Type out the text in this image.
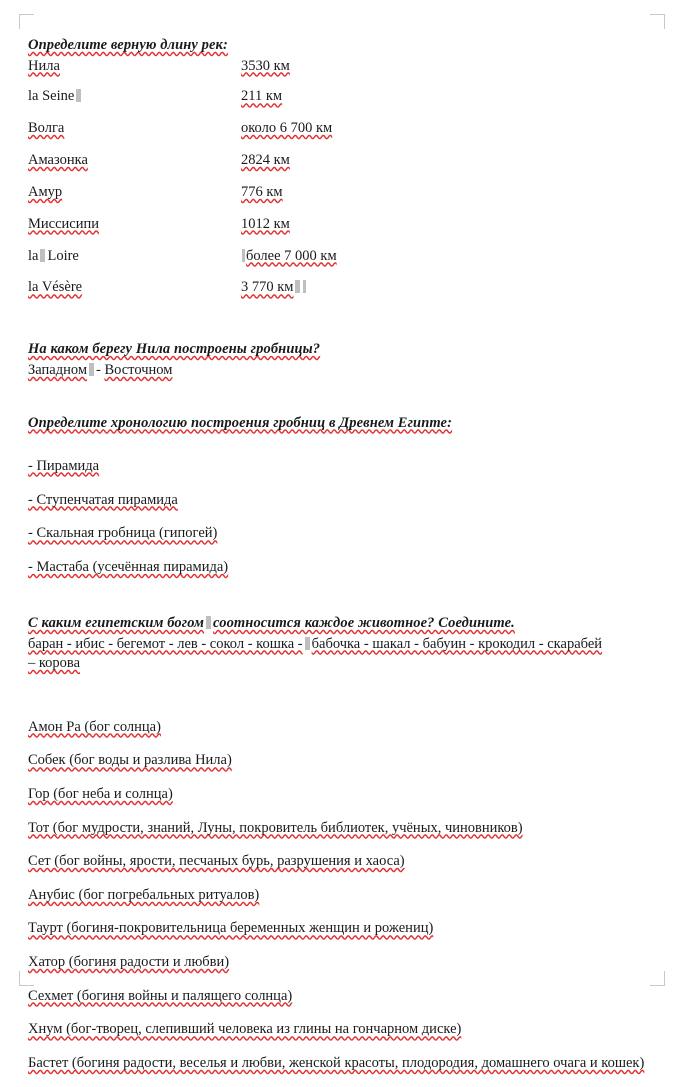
Определите верную длину рек:

Нила	3530 км
la Seine	211 км
Волга	около 6 700 км
Амазонка	2824 км
Амур	776 км
Миссисипи	1012 км
la Loire	более 7 000 км
la Vésère	3 770 км

На каком берегу Нила построены гробницы?

Западном - Восточном

Определите хронологию построения гробниц в Древнем Египте:

- Пирамида

- Ступенчатая пирамида

- Скальная гробница (гипогей)

- Мастаба (усечённая пирамида)

С каким египетским богом соотносится каждое животное? Соедините.

баран - ибис - бегемот - лев - сокол - кошка - бабочка - шакал - бабуин - крокодил - скарабей
– корова

Амон Ра (бог солнца)

Собек (бог воды и разлива Нила)

Гор (бог неба и солнца)

Тот (бог мудрости, знаний, Луны, покровитель библиотек, учёных, чиновников)

Сет (бог войны, ярости, песчаных бурь, разрушения и хаоса)

Анубис (бог погребальных ритуалов)

Таурт (богиня-покровительница беременных женщин и рожениц)

Хатор (богиня радости и любви)

Сехмет (богиня войны и палящего солнца)

Хнум (бог-творец, слепивший человека из глины на гончарном диске)

Бастет (богиня радости, веселья и любви, женской красоты, плодородия, домашнего очага и кошек)
